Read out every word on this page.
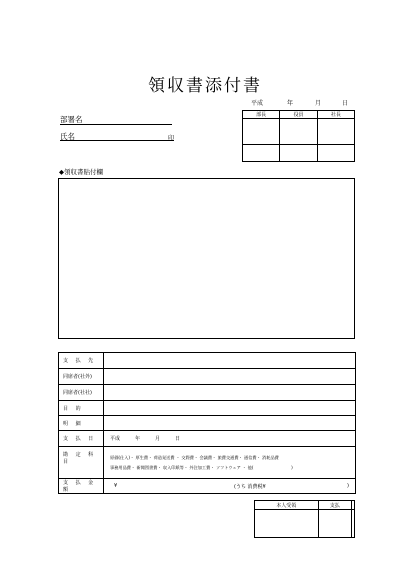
領収書添付書
平成	年	月	日
部署名
氏名	印
部長	役員	社長

◆領収書貼付欄
支 払 先	
同席者(社外)	
同席者(社社)	
目 的	
明 細	
支 払 日	平成　　　年　　　月　　　日
勘 定 科 目	原価(仕入)・ 厚生費・ 荷造発送費 ・ 交際費・ 会議費・ 旅費交通費・ 通信費・ 消耗品費
事務用品費・ 新聞図書費・ 収入印紙等・ 外注加工費・ ソフトウェア ・ 他(　　　　　　　　　)

支 払 金 額	¥ (うち 消費税¥ )
本人受領	支払	
